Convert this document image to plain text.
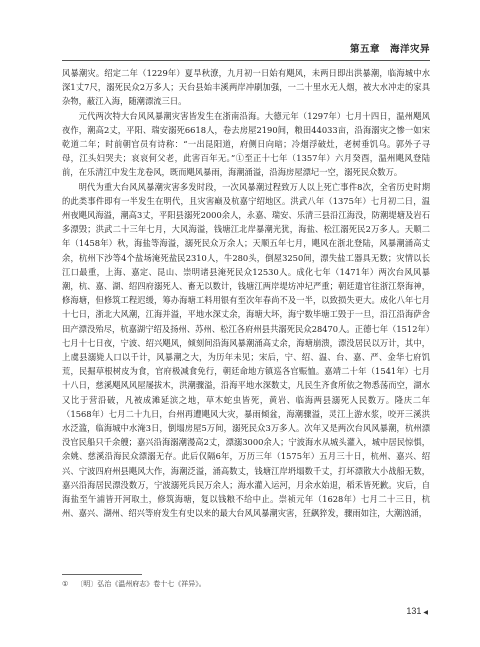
第五章　海洋灾异

风暴潮灾。绍定二年（1229年）夏旱秋潦，九月初一日始有飓风，未两日即出洪暴潮，临海城中水深1丈7尺，溺死民众2万多人；天台县始丰溪两岸冲刷加强，一二十里水无人烟，被大水冲走的家具杂物，蔽江入海，随潮漂流三日。

元代两次特大台风风暴潮灾害皆发生在浙南沿海。大德元年（1297年）七月十四日，温州飓风夜作，潮高2丈，平阳、瑞安溺死6618人，卷去房屋2190间，粮田44033亩，沿海溺灾之惨一如宋乾道二年；时前朝官员有诗称：“一出昆阳道，府侧日向暗；冷烟浮破灶，老树垂饥乌。郭外子寻母，江头妇哭夫；哀哀何父老，此害百年无。”①至正十七年（1357年）六月癸酉，温州飓风登陆前，在乐清江中发生龙卷风，既而飓风暴雨，海潮涌溢，沿海房屋漂圮一空，溺死民众数万。

明代为重大台风风暴潮灾害多发时段，一次风暴潮过程致万人以上死亡事件8次，全省历史时期的此类事件即有一半发生在明代，且灾害巅及杭嘉宁绍地区。洪武八年（1375年）七月初二日，温州夜飓风海溢，潮高3丈，平阳县溺死2000余人，永嘉、瑞安、乐清三县沿江海没，防潮堤塘及岩石多漂毁；洪武二十三年七月，大风海溢，钱塘江北岸暴潮光犹，海盐、松江溺死民2万多人。天顺二年（1458年）秋，海盐等海溢，溺死民众万余人；天顺五年七月，飓风在浙北登陆，风暴潮涌高丈余，杭州下沙等4个盐场淹死盐民2310人，牛280头，倒屋3250间，漂失盐工器具无数；灾情以长江口最重，上海、嘉定、昆山、崇明诸县淹死民众12530人。成化七年（1471年）两次台风风暴潮，杭、嘉、湖、绍四府溺死人、畜无以数计，钱塘江两岸堤坊冲圮严重；朝廷遣官往浙江祭海神，修海塘，但修筑工程迟缓，筹办海塘工料用银有至次年春尚不及一半，以致损失更大。成化八年七月十七日，浙北大风潮，江海并溢，平地水深丈余，海塘大坏，海宁数毕塘工毁于一旦，沿江沿海萨舍田产漂没殆尽，杭嘉湖宁绍及扬州、苏州、松江各府州县共溺死民众28470人。正德七年（1512年）七月十七日夜，宁波、绍兴飓风，倾刻间沿海风暴潮涌高丈余，海塘崩溃，漂没居民以万计，其中，上虞县溺毙人口以千计，风暴潮之大，为历年未见；宋后，宁、绍、温、台、嘉、严、金华七府饥荒，民掘草根树皮为食，官府极减食免行，朝廷命地方镇巡各官赈恤。嘉靖二十年（1541年）七月十八日，慈溪飓风风屋屡拔木，洪潮骤溢，沿海平地水深数丈，凡民生齐食所依之物悉荡而空，湖水又比于营沿破，凡被成滩延滨之地，草木蛇虫皆死，黄岩、临海两县溺死人民数万。隆庆二年（1568年）七月二十九日，台州再遭飓风大灾，暴雨倾盆，海潮骤溢，灵江上游水浆，咬开三溪洪水泛滥，临海城中水淹3日，倒塌房屋5万间，溺死民众3万多人。次年又是两次台风风暴潮，杭州漂没官民船只千余艘；嘉兴沿海溺潮漫高2丈，漂溺3000余人；宁波海水从城头灌入，城中居民惊惧，余姚、慈溪沿海民众漂溺无存。此后仅隔6年，万历三年（1575年）五月三十日，杭州、嘉兴、绍兴、宁波四府州县飓风大作，海潮泛溢，涌高数丈，钱塘江岸坍塌数千丈，打坏漂散大小战船无数，嘉兴沿海居民漂没数万，宁波溺死兵民万余人；海水灌入运河，月余水始退，稻禾皆死歉。灾后，自海盐至午浦皆开河取土，修筑海塘，复以钱粮不给中止。崇祯元年（1628年）七月二十三日，杭州、嘉兴、湖州、绍兴等府发生有史以来的最大台风风暴潮灾害，狂飙猝发，骤雨如注，大潮汹涌，

① 〔明〕弘治《温州府志》卷十七《祥异》。
131 ◀
